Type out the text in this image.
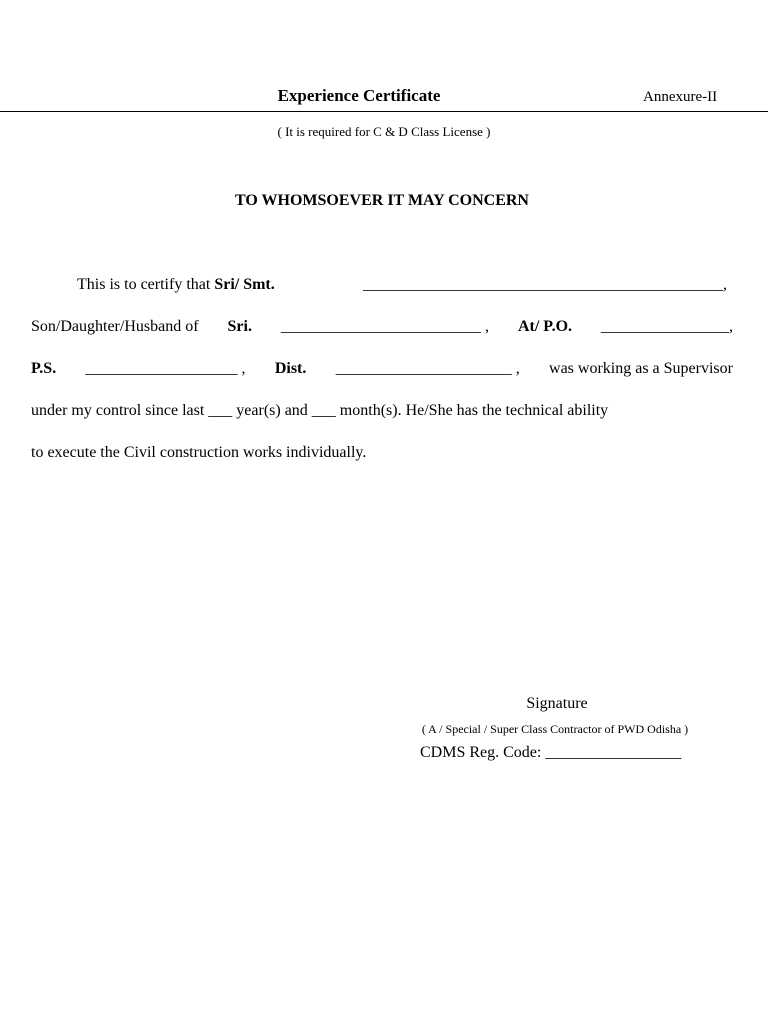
Experience Certificate	Annexure-II
( It is required for C & D Class License )
TO WHOMSOEVER IT MAY CONCERN
This is to certify that Sri/ Smt.	_____________________________________________,
Son/Daughter/Husband of Sri. _________________________ , At/ P.O. ________________,
P.S. ___________________ , Dist. ______________________ , was working as a Supervisor
under my control since last ___ year(s) and ___ month(s). He/She has the technical ability
to execute the Civil construction works individually.
Signature
( A / Special / Super Class Contractor of PWD Odisha )
CDMS Reg. Code: _________________
